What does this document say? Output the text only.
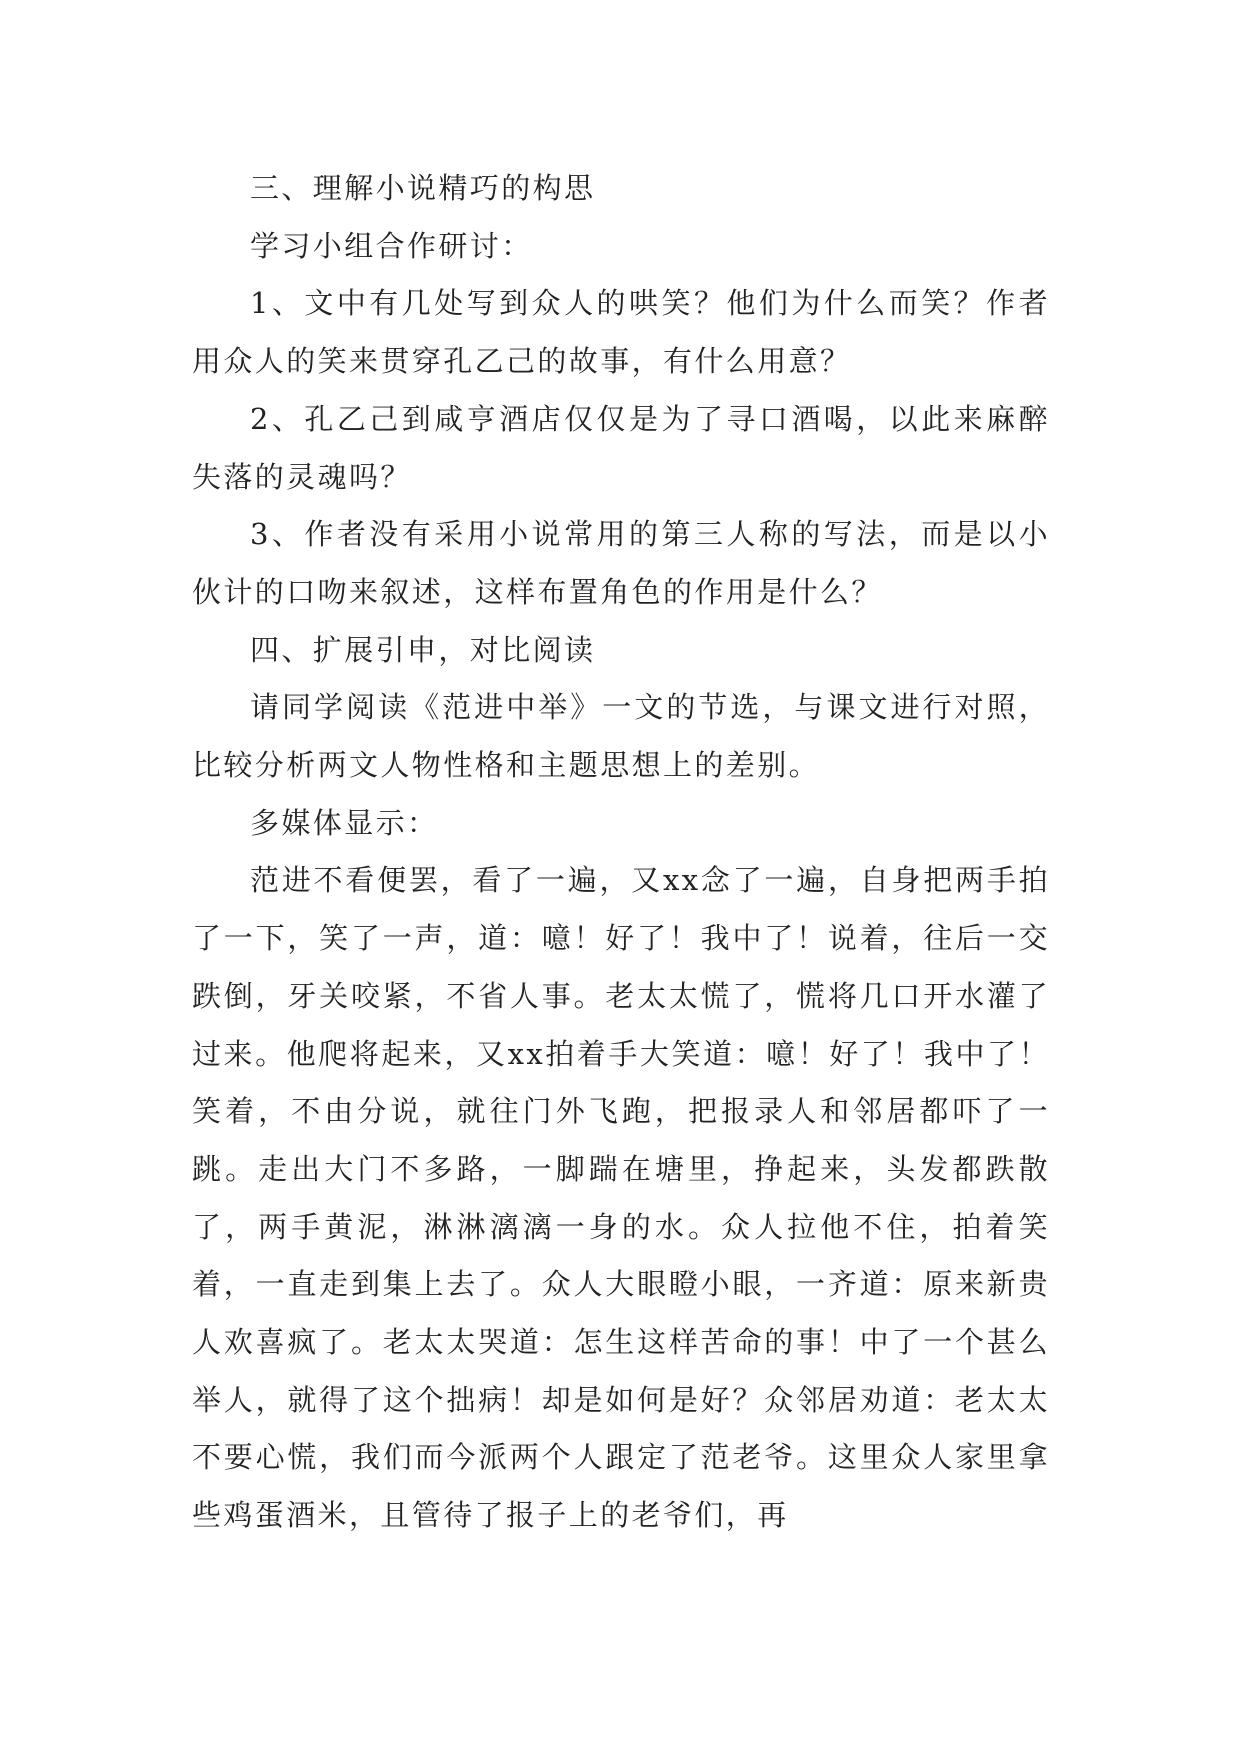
三、理解小说精巧的构思

学习小组合作研讨：

1、文中有几处写到众人的哄笑？他们为什么而笑？作者用众人的笑来贯穿孔乙己的故事，有什么用意？

2、孔乙己到咸亨酒店仅仅是为了寻口酒喝，以此来麻醉失落的灵魂吗？

3、作者没有采用小说常用的第三人称的写法，而是以小伙计的口吻来叙述，这样布置角色的作用是什么？

四、扩展引申，对比阅读

请同学阅读《范进中举》一文的节选，与课文进行对照，比较分析两文人物性格和主题思想上的差别。

多媒体显示：

范进不看便罢，看了一遍，又xx念了一遍，自身把两手拍了一下，笑了一声，道：噫！好了！我中了！说着，往后一交跌倒，牙关咬紧，不省人事。老太太慌了，慌将几口开水灌了过来。他爬将起来，又xx拍着手大笑道：噫！好了！我中了！笑着，不由分说，就往门外飞跑，把报录人和邻居都吓了一跳。走出大门不多路，一脚踹在塘里，挣起来，头发都跌散了，两手黄泥，淋淋漓漓一身的水。众人拉他不住，拍着笑着，一直走到集上去了。众人大眼瞪小眼，一齐道：原来新贵人欢喜疯了。老太太哭道：怎生这样苦命的事！中了一个甚么举人，就得了这个拙病！却是如何是好？众邻居劝道：老太太不要心慌，我们而今派两个人跟定了范老爷。这里众人家里拿些鸡蛋酒米，且管待了报子上的老爷们，再
